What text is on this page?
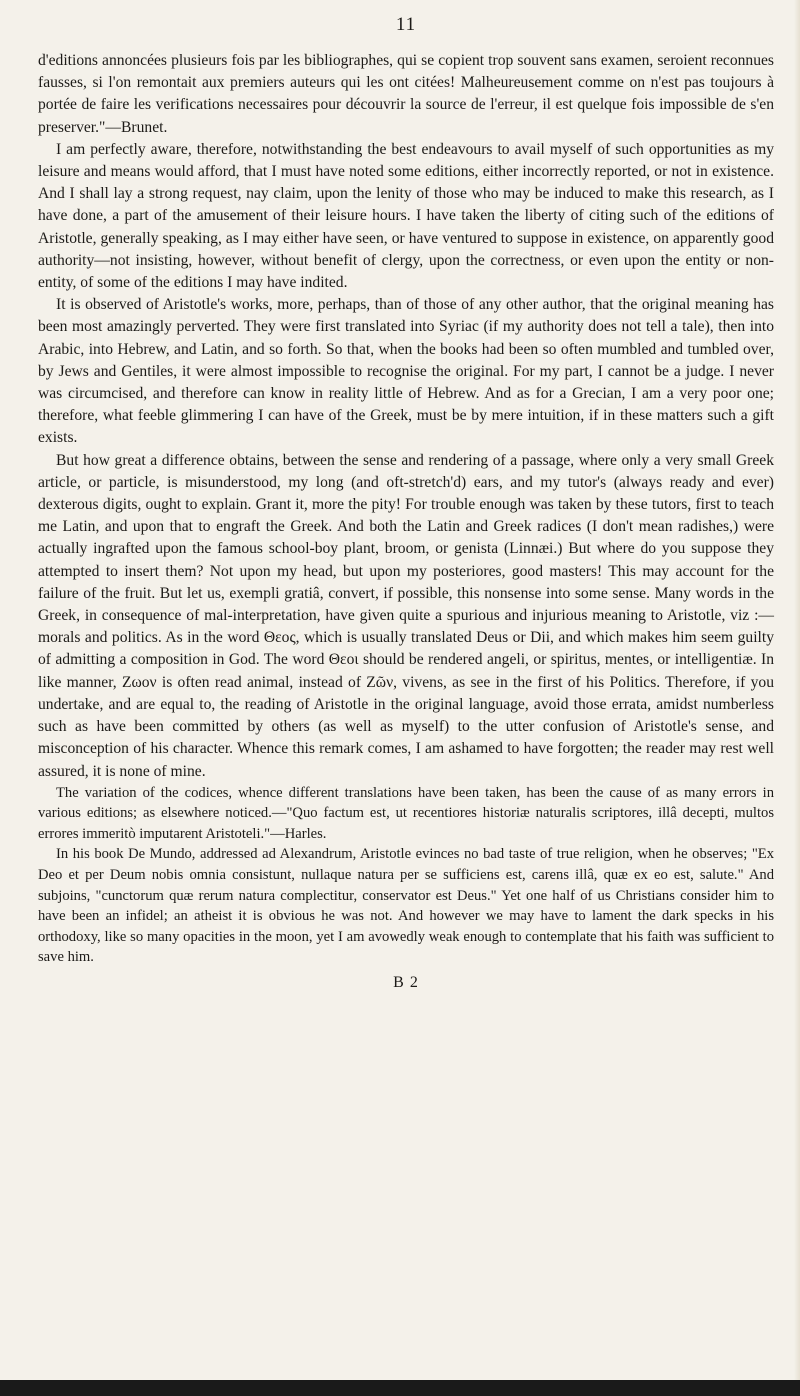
11

d'editions annoncées plusieurs fois par les bibliographes, qui se copient trop souvent sans examen, seroient reconnues fausses, si l'on remontait aux premiers auteurs qui les ont citées! Malheureusement comme on n'est pas toujours à portée de faire les verifications necessaires pour découvrir la source de l'erreur, il est quelque fois impossible de s'en preserver."—Brunet.

I am perfectly aware, therefore, notwithstanding the best endeavours to avail myself of such opportunities as my leisure and means would afford, that I must have noted some editions, either incorrectly reported, or not in existence. And I shall lay a strong request, nay claim, upon the lenity of those who may be induced to make this research, as I have done, a part of the amusement of their leisure hours. I have taken the liberty of citing such of the editions of Aristotle, generally speaking, as I may either have seen, or have ventured to suppose in existence, on apparently good authority—not insisting, however, without benefit of clergy, upon the correctness, or even upon the entity or non-entity, of some of the editions I may have indited.

It is observed of Aristotle's works, more, perhaps, than of those of any other author, that the original meaning has been most amazingly perverted. They were first translated into Syriac (if my authority does not tell a tale), then into Arabic, into Hebrew, and Latin, and so forth. So that, when the books had been so often mumbled and tumbled over, by Jews and Gentiles, it were almost impossible to recognise the original. For my part, I cannot be a judge. I never was circumcised, and therefore can know in reality little of Hebrew. And as for a Grecian, I am a very poor one; therefore, what feeble glimmering I can have of the Greek, must be by mere intuition, if in these matters such a gift exists.

But how great a difference obtains, between the sense and rendering of a passage, where only a very small Greek article, or particle, is misunderstood, my long (and oft-stretch'd) ears, and my tutor's (always ready and ever) dexterous digits, ought to explain. Grant it, more the pity! For trouble enough was taken by these tutors, first to teach me Latin, and upon that to engraft the Greek. And both the Latin and Greek radices (I don't mean radishes,) were actually ingrafted upon the famous school-boy plant, broom, or genista (Linnæi.) But where do you suppose they attempted to insert them? Not upon my head, but upon my posteriores, good masters! This may account for the failure of the fruit. But let us, exempli gratiâ, convert, if possible, this nonsense into some sense. Many words in the Greek, in consequence of mal-interpretation, have given quite a spurious and injurious meaning to Aristotle, viz :—morals and politics. As in the word Θεος, which is usually translated Deus or Dii, and which makes him seem guilty of admitting a composition in God. The word Θεοι should be rendered angeli, or spiritus, mentes, or intelligentiæ. In like manner, Ζωον is often read animal, instead of Ζῶν, vivens, as see in the first of his Politics. Therefore, if you undertake, and are equal to, the reading of Aristotle in the original language, avoid those errata, amidst numberless such as have been committed by others (as well as myself) to the utter confusion of Aristotle's sense, and misconception of his character. Whence this remark comes, I am ashamed to have forgotten; the reader may rest well assured, it is none of mine.

The variation of the codices, whence different translations have been taken, has been the cause of as many errors in various editions; as elsewhere noticed.—"Quo factum est, ut recentiores historiæ naturalis scriptores, illâ decepti, multos errores immeritò imputarent Aristoteli."—Harles.

In his book De Mundo, addressed ad Alexandrum, Aristotle evinces no bad taste of true religion, when he observes; "Ex Deo et per Deum nobis omnia consistunt, nullaque natura per se sufficiens est, carens illâ, quæ ex eo est, salute." And subjoins, "cunctorum quæ rerum natura complectitur, conservator est Deus." Yet one half of us Christians consider him to have been an infidel; an atheist it is obvious he was not. And however we may have to lament the dark specks in his orthodoxy, like so many opacities in the moon, yet I am avowedly weak enough to contemplate that his faith was sufficient to save him.

B 2
